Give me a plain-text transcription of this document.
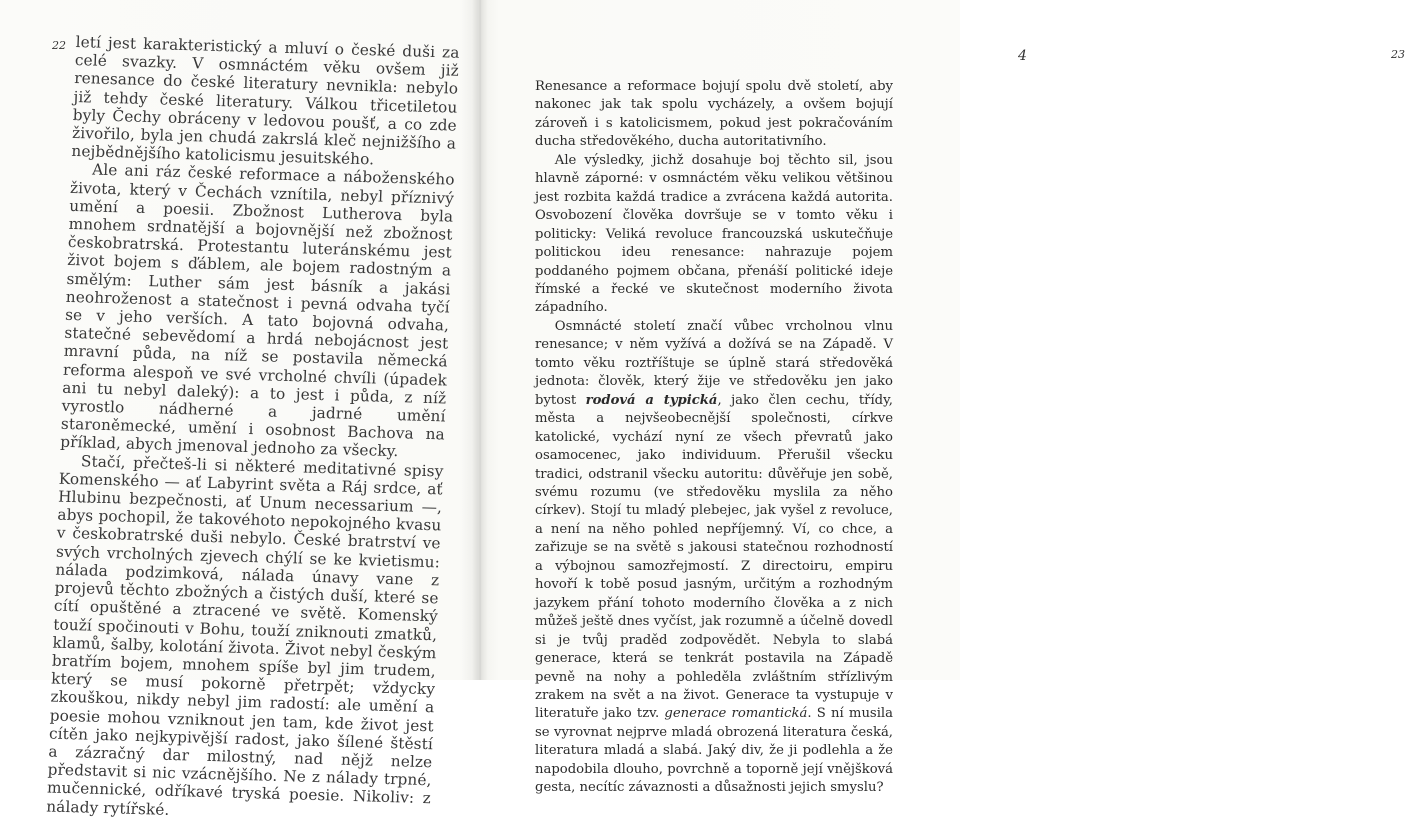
22 letí jest karakteristický a mluví o české duši za celé svazky. V osmnáctém věku ovšem již renesance do české literatury nevnikla: nebylo již tehdy české literatury. Válkou třicetiletou byly Čechy obráceny v ledovou poušť, a co zde živořilo, byla jen chudá zakrslá kleč nejnižšího a nejbědnějšího katolicismu jesuitského.

Ale ani ráz české reformace a náboženského života, který v Čechách vznítila, nebyl příznivý umění a poesii. Zbožnost Lutherova byla mnohem srdnatější a bojovnější než zbožnost českobratrská. Protestantu luteránskému jest život bojem s ďáblem, ale bojem radostným a smělým: Luther sám jest básník a jakási neohroženost a statečnost i pevná odvaha tyčí se v jeho verších. A tato bojovná odvaha, statečné sebevědomí a hrdá nebojácnost jest mravní půda, na níž se postavila německá reforma alespoň ve své vrcholné chvíli (úpadek ani tu nebyl daleký): a to jest i půda, z níž vyrostlo nádherné a jadrné umění staroněmecké, umění i osobnost Bachova na příklad, abych jmenoval jednoho za všecky.

Stačí, přečteš-li si některé meditativné spisy Komenského — ať Labyrint světa a Ráj srdce, ať Hlubinu bezpečnosti, ať Unum necessarium —, abys pochopil, že takovéhoto nepokojného kvasu v českobratrské duši nebylo. České bratrství ve svých vrcholných zjevech chýlí se ke kvietismu: nálada podzimková, nálada únavy vane z projevů těchto zbožných a čistých duší, které se cítí opuštěné a ztracené ve světě. Komenský touží spočinouti v Bohu, touží zniknouti zmatků, klamů, šalby, kolotání života. Život nebyl českým bratřím bojem, mnohem spíše byl jim trudem, který se musí pokorně přetrpět; vždycky zkouškou, nikdy nebyl jim radostí: ale umění a poesie mohou vzniknout jen tam, kde život jest cítěn jako nejkypivější radost, jako šílené štěstí a zázračný dar milostný, nad nějž nelze představit si nic vzácnějšího. Ne z nálady trpné, mučennické, odříkavé tryská poesie. Nikoliv: z nálady rytířské.

4	23

Renesance a reformace bojují spolu dvě století, aby nakonec jak tak spolu vycházely, a ovšem bojují zároveň i s katolicismem, pokud jest pokračováním ducha středověkého, ducha autoritativního.

Ale výsledky, jichž dosahuje boj těchto sil, jsou hlavně záporné: v osmnáctém věku velikou většinou jest rozbita každá tradice a zvrácena každá autorita. Osvobození člověka dovršuje se v tomto věku i politicky: Veliká revoluce francouzská uskutečňuje politickou ideu renesance: nahrazuje pojem poddaného pojmem občana, přenáší politické ideje římské a řecké ve skutečnost moderního života západního.

Osmnácté století značí vůbec vrcholnou vlnu renesance; v něm vyžívá a dožívá se na Západě. V tomto věku roztříštuje se úplně stará středověká jednota: člověk, který žije ve středověku jen jako bytost rodová a typická, jako člen cechu, třídy, města a nejvšeobecnější společnosti, církve katolické, vychází nyní ze všech převratů jako osamocenec, jako individuum. Přerušil všecku tradici, odstranil všecku autoritu: důvěřuje jen sobě, svému rozumu (ve středověku myslila za něho církev). Stojí tu mladý plebejec, jak vyšel z revoluce, a není na něho pohled nepříjemný. Ví, co chce, a zařizuje se na světě s jakousi statečnou rozhodností a výbojnou samozřejmostí. Z directoiru, empiru hovoří k tobě posud jasným, určitým a rozhodným jazykem přání tohoto moderního člověka a z nich můžeš ještě dnes vyčíst, jak rozumně a účelně dovedl si je tvůj praděd zodpovědět. Nebyla to slabá generace, která se tenkrát postavila na Západě pevně na nohy a pohleděla zvláštním střízlivým zrakem na svět a na život. Generace ta vystupuje v literatuře jako tzv. generace romantická. S ní musila se vyrovnat nejprve mladá obrozená literatura česká, literatura mladá a slabá. Jaký div, že ji podlehla a že napodobila dlouho, povrchně a toporně její vnějšková gesta, necítíc závaznosti a důsažnosti jejich smyslu?
